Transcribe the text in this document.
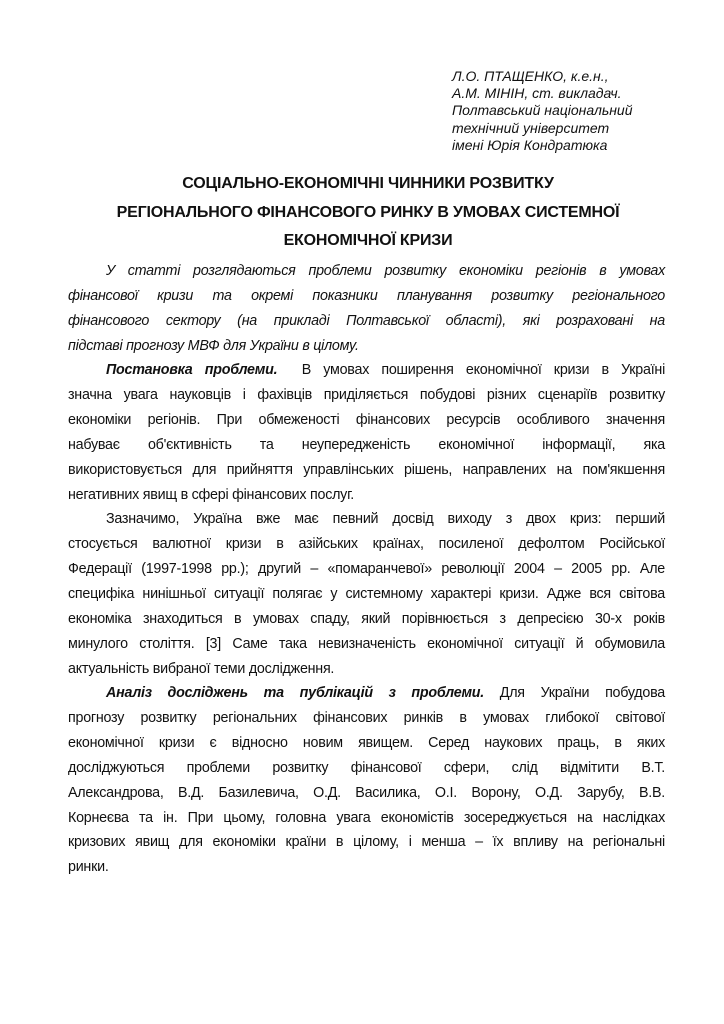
Л.О. ПТАЩЕНКО, к.е.н.,
А.М. МІНІН, ст. викладач.
Полтавський національний
технічний університет
імені Юрія Кондратюка
СОЦІАЛЬНО-ЕКОНОМІЧНІ ЧИННИКИ РОЗВИТКУ
РЕГІОНАЛЬНОГО ФІНАНСОВОГО РИНКУ В УМОВАХ СИСТЕМНОЇ
ЕКОНОМІЧНОЇ КРИЗИ
У статті розглядаються проблеми розвитку економіки регіонів в умовах
фінансової кризи та окремі показники планування розвитку регіонального
фінансового сектору (на прикладі Полтавської області), які розраховані на
підставі прогнозу МВФ для України в цілому.
Постановка проблеми.  В умовах поширення економічної кризи в Україні
значна увага науковців і фахівців приділяється побудові різних сценаріїв розвитку
економіки регіонів. При обмеженості фінансових ресурсів особливого значення
набуває об'єктивність та неупередженість економічної інформації, яка
використовується для прийняття управлінських рішень, направлених на пом'якшення
негативних явищ в сфері фінансових послуг.
Зазначимо, Україна вже має певний досвід виходу з двох криз: перший
стосується валютної кризи в азійських країнах, посиленої дефолтом Російської
Федерації (1997-1998 рр.); другий – «помаранчевої» революції 2004 – 2005 рр. Але
специфіка нинішньої ситуації полягає у системному характері кризи. Адже вся світова
економіка знаходиться в умовах спаду, який порівнюється з депресією 30-х років
минулого століття. [3] Саме така невизначеність економічної ситуації й обумовила
актуальність вибраної теми дослідження.
Аналіз досліджень та публікацій з проблеми. Для України побудова
прогнозу розвитку регіональних фінансових ринків в умовах глибокої світової
економічної кризи є відносно новим явищем. Серед наукових праць, в яких
досліджуються проблеми розвитку фінансової сфери, слід відмітити В.Т.
Александрова, В.Д. Базилевича, О.Д. Василика, О.І. Ворону, О.Д. Зарубу, В.В.
Корнеєва та ін. При цьому, головна увага економістів зосереджується на наслідках
кризових явищ для економіки країни в цілому, і менша – їх впливу на регіональні
ринки.
